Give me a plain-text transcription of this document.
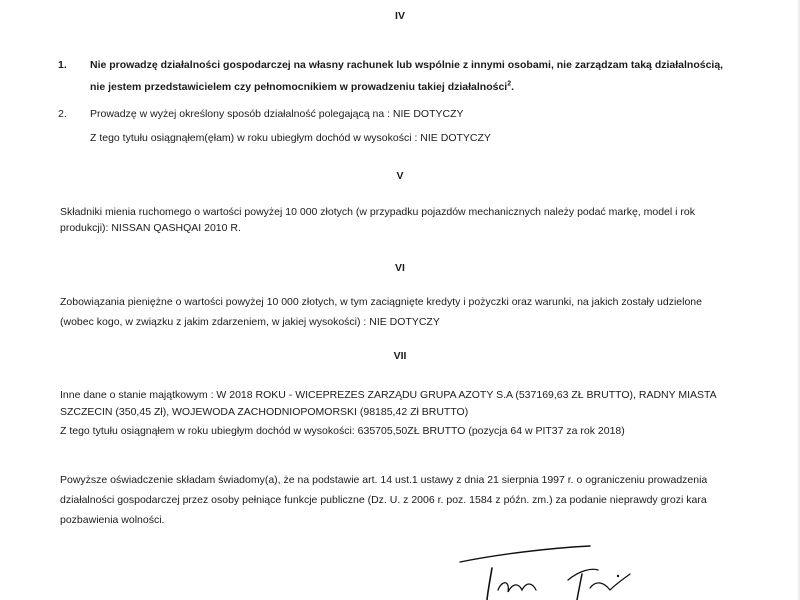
IV
1. Nie prowadzę działalności gospodarczej na własny rachunek lub wspólnie z innymi osobami, nie zarządzam taką działalnością,
nie jestem przedstawicielem czy pełnomocnikiem w prowadzeniu takiej działalności$^2$.
2. Prowadzę w wyżej określony sposób działalność polegającą na : NIE DOTYCZY
Z tego tytułu osiągnąłem(ęłam) w roku ubiegłym dochód w wysokości : NIE DOTYCZY
V
Składniki mienia ruchomego o wartości powyżej 10 000 złotych (w przypadku pojazdów mechanicznych należy podać markę, model i rok
produkcji): NISSAN QASHQAI 2010 R.
VI
Zobowiązania pieniężne o wartości powyżej 10 000 złotych, w tym zaciągnięte kredyty i pożyczki oraz warunki, na jakich zostały udzielone
(wobec kogo, w związku z jakim zdarzeniem, w jakiej wysokości) : NIE DOTYCZY
VII
Inne dane o stanie majątkowym : W 2018 ROKU - WICEPREZES ZARZĄDU GRUPA AZOTY S.A (537169,63 ZŁ BRUTTO), RADNY MIASTA
SZCZECIN (350,45 Zł), WOJEWODA ZACHODNIOPOMORSKI (98185,42 Zł BRUTTO)
Z tego tytułu osiągnąłem w roku ubiegłym dochód w wysokości: 635705,50ZŁ BRUTTO (pozycja 64 w PIT37 za rok 2018)
Powyższe oświadczenie składam świadomy(a), że na podstawie art. 14 ust.1 ustawy z dnia 21 sierpnia 1997 r. o ograniczeniu prowadzenia
działalności gospodarczej przez osoby pełniące funkcje publiczne (Dz. U. z 2006 r. poz. 1584 z późn. zm.) za podanie nieprawdy grozi kara
pozbawienia wolności.
